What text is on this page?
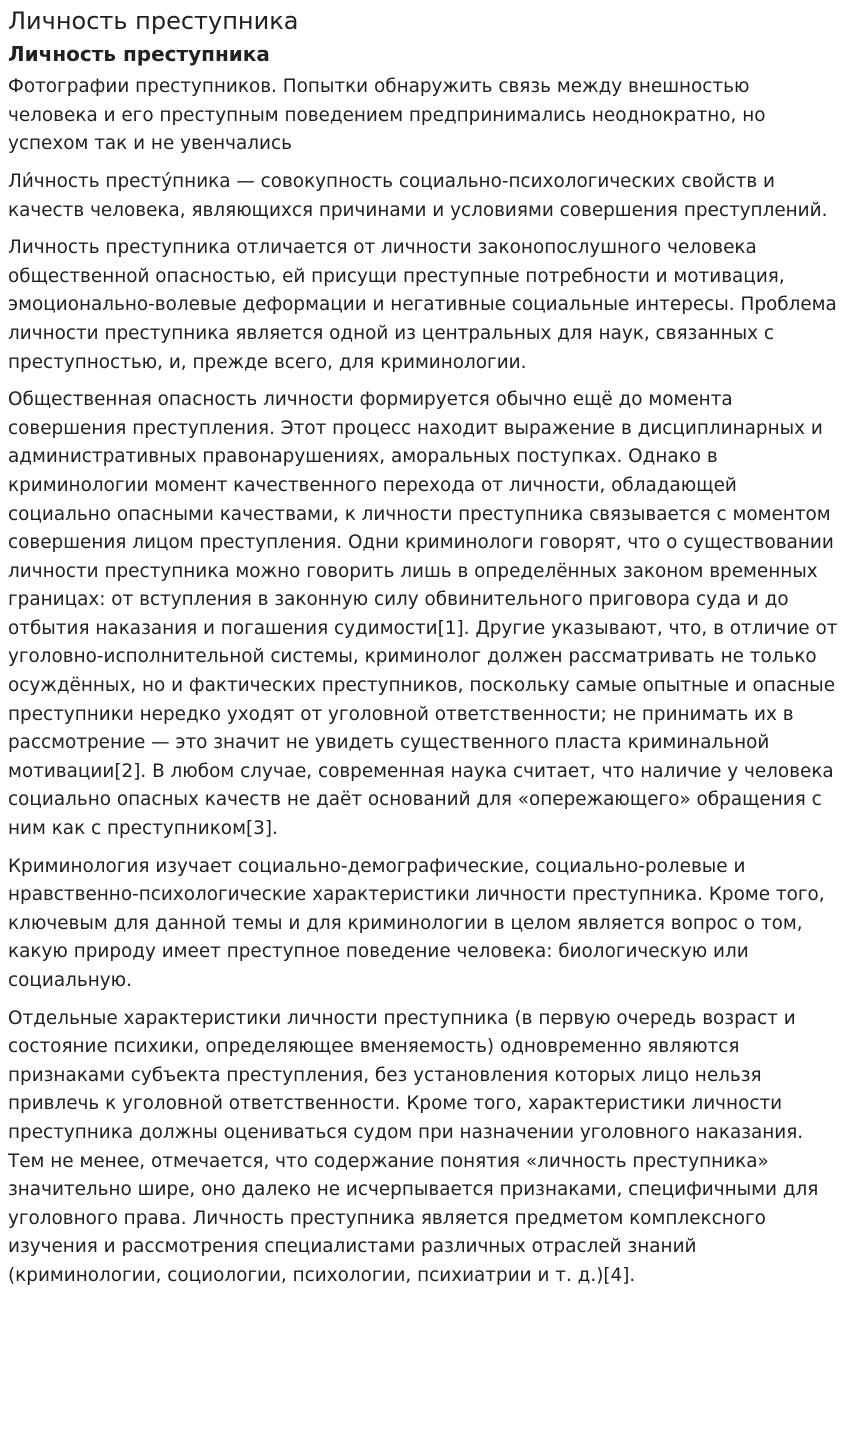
Личность преступника
Личность преступника

Фотографии преступников. Попытки обнаружить связь между внешностью человека и его преступным поведением предпринимались неоднократно, но успехом так и не увенчались

Ли́чность престу́пника — совокупность социально-психологических свойств и качеств человека, являющихся причинами и условиями совершения преступлений.

Личность преступника отличается от личности законопослушного человека общественной опасностью, ей присущи преступные потребности и мотивация, эмоционально-волевые деформации и негативные социальные интересы. Проблема личности преступника является одной из центральных для наук, связанных с преступностью, и, прежде всего, для криминологии.

Общественная опасность личности формируется обычно ещё до момента совершения преступления. Этот процесс находит выражение в дисциплинарных и административных правонарушениях, аморальных поступках. Однако в криминологии момент качественного перехода от личности, обладающей социально опасными качествами, к личности преступника связывается с моментом совершения лицом преступления. Одни криминологи говорят, что о существовании личности преступника можно говорить лишь в определённых законом временных границах: от вступления в законную силу обвинительного приговора суда и до отбытия наказания и погашения судимости[1]. Другие указывают, что, в отличие от уголовно-исполнительной системы, криминолог должен рассматривать не только осуждённых, но и фактических преступников, поскольку самые опытные и опасные преступники нередко уходят от уголовной ответственности; не принимать их в рассмотрение — это значит не увидеть существенного пласта криминальной мотивации[2]. В любом случае, современная наука считает, что наличие у человека социально опасных качеств не даёт оснований для «опережающего» обращения с ним как с преступником[3].

Криминология изучает социально-демографические, социально-ролевые и нравственно-психологические характеристики личности преступника. Кроме того, ключевым для данной темы и для криминологии в целом является вопрос о том, какую природу имеет преступное поведение человека: биологическую или социальную.

Отдельные характеристики личности преступника (в первую очередь возраст и состояние психики, определяющее вменяемость) одновременно являются признаками субъекта преступления, без установления которых лицо нельзя привлечь к уголовной ответственности. Кроме того, характеристики личности преступника должны оцениваться судом при назначении уголовного наказания. Тем не менее, отмечается, что содержание понятия «личность преступника» значительно шире, оно далеко не исчерпывается признаками, специфичными для уголовного права. Личность преступника является предметом комплексного изучения и рассмотрения специалистами различных отраслей знаний (криминологии, социологии, психологии, психиатрии и т. д.)[4].
